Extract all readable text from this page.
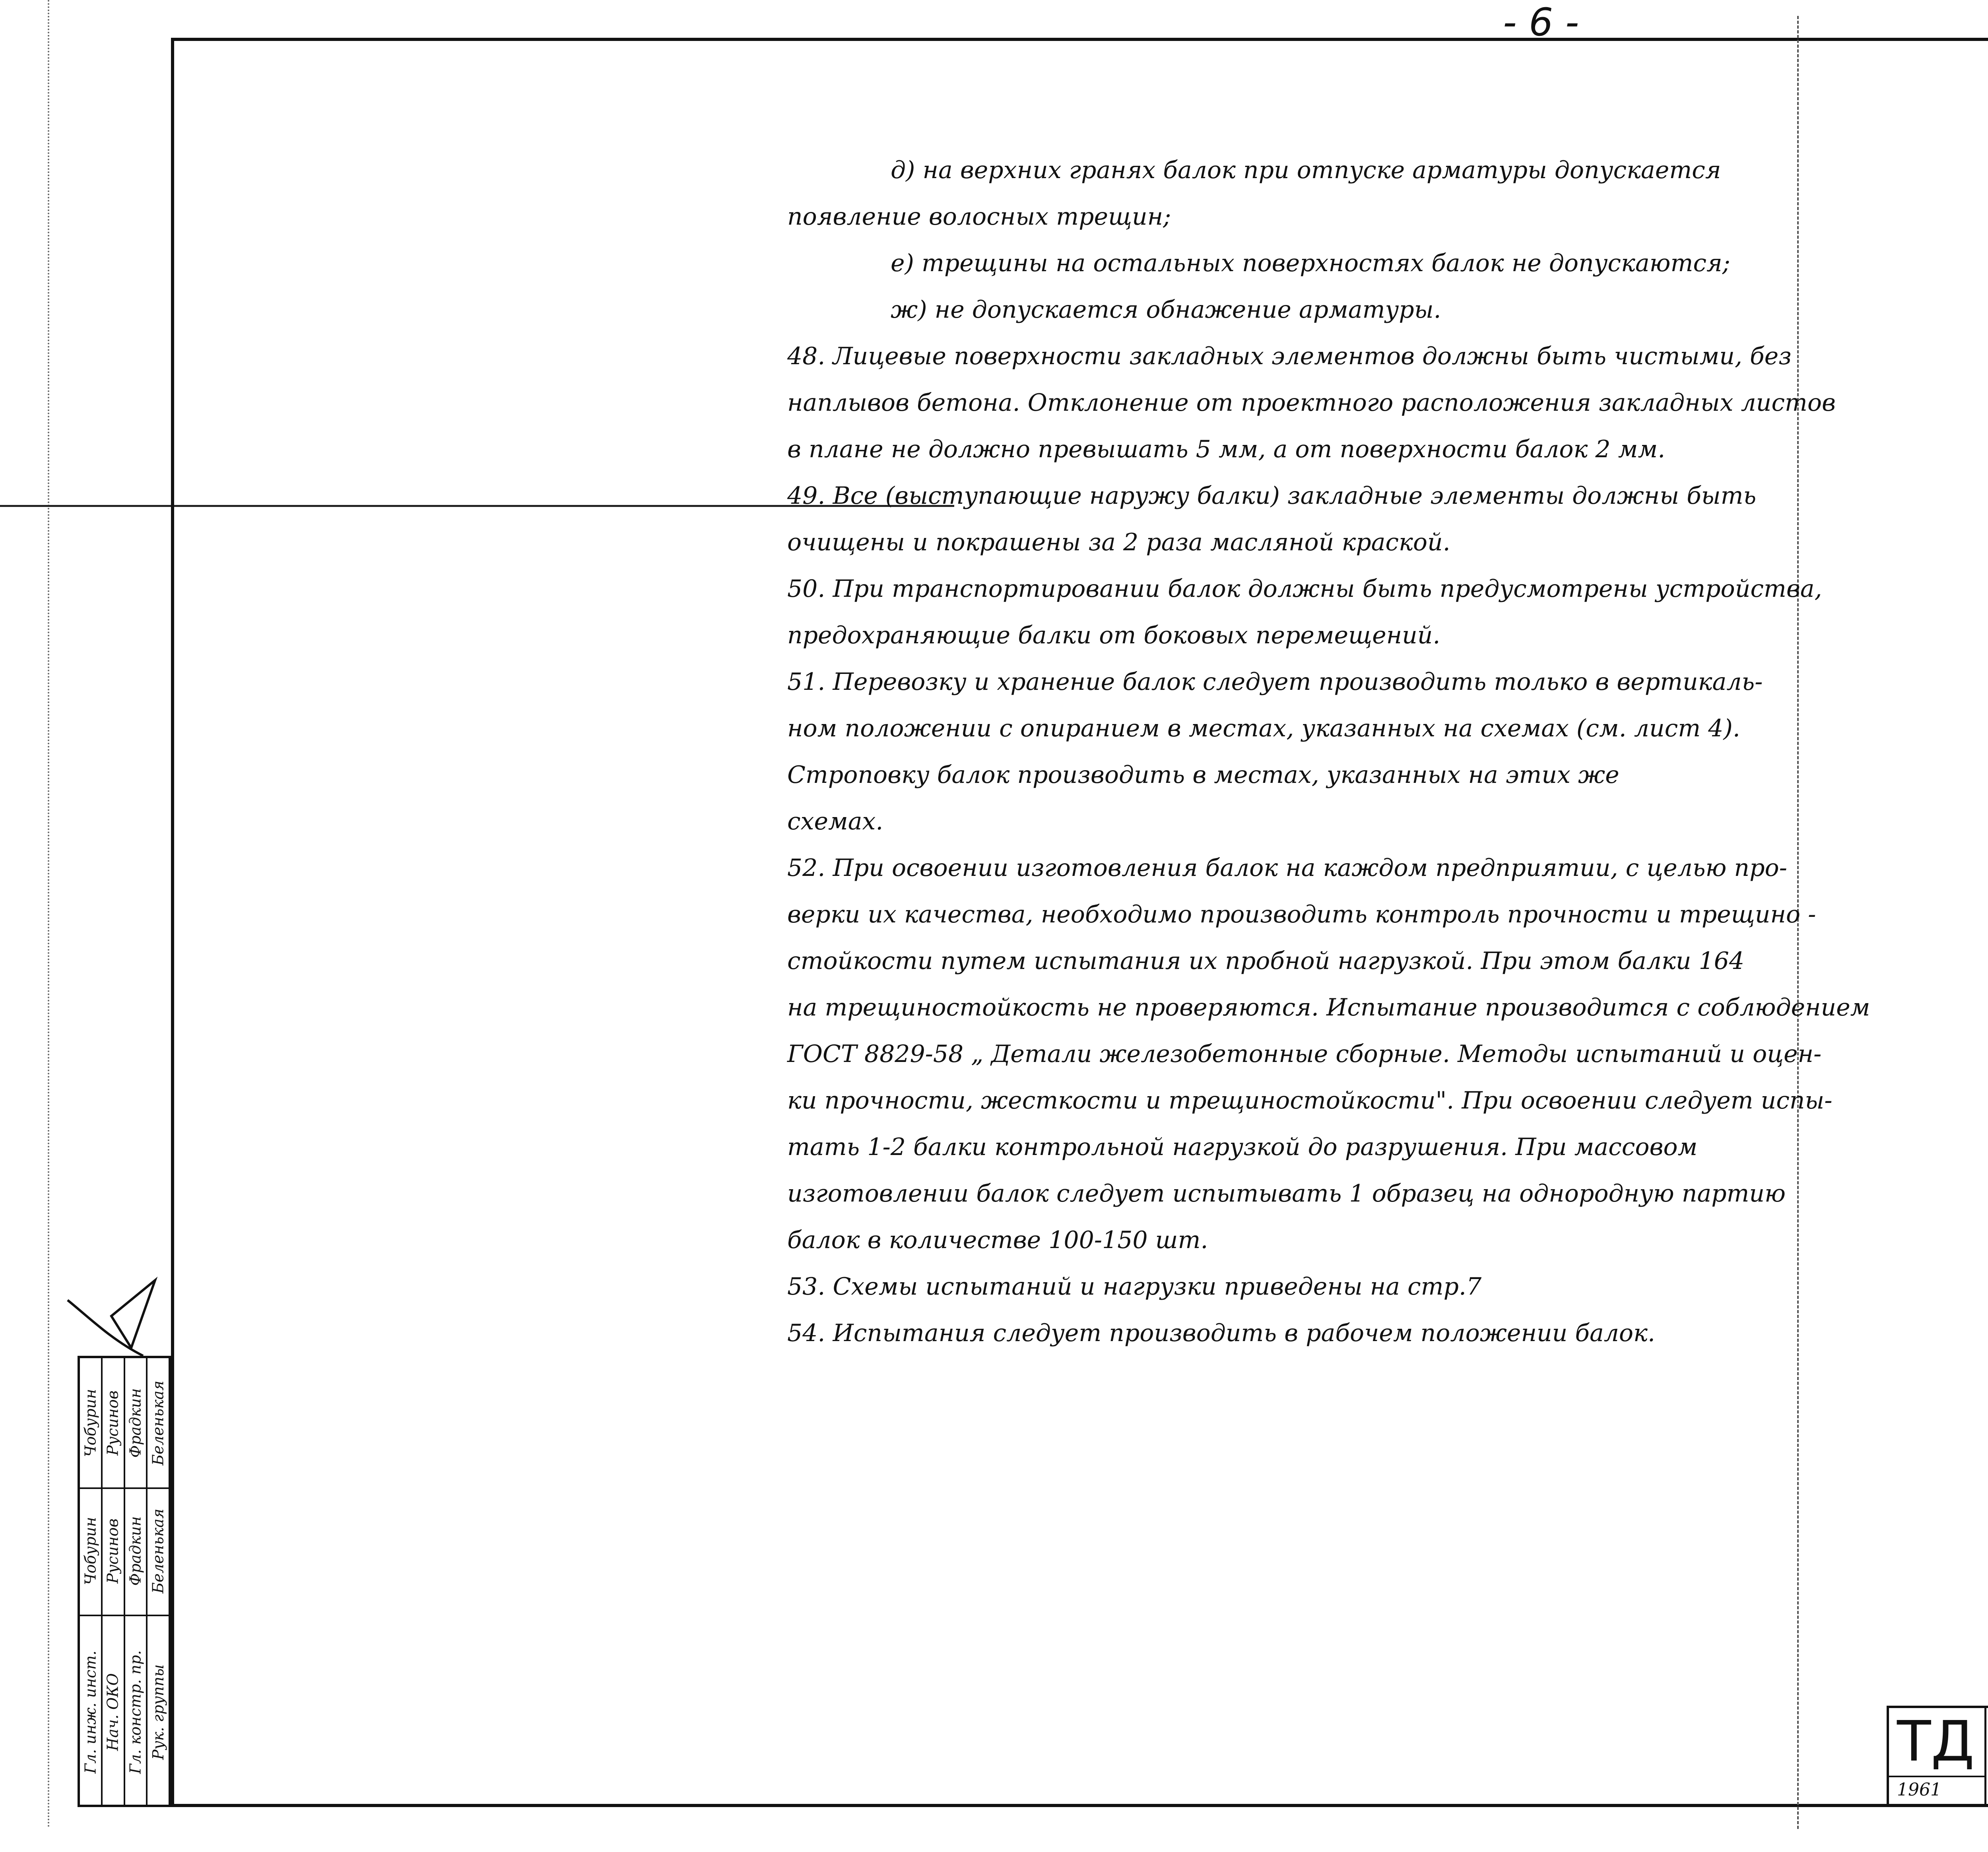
- 6 -
д) на верхних гранях балок при отпуске арматуры допускается
появление волосных трещин;
е) трещины на остальных поверхностях балок не допускаются;
ж) не допускается обнажение арматуры.
48. Лицевые поверхности закладных элементов должны быть чистыми, без
наплывов бетона. Отклонение от проектного расположения закладных листов
в плане не должно превышать 5 мм, а от поверхности балок 2 мм.
49. Все (выступающие наружу балки) закладные элементы должны быть
очищены и покрашены за 2 раза масляной краской.
50. При транспортировании балок должны быть предусмотрены устройства,
предохраняющие балки от боковых перемещений.
51. Перевозку и хранение балок следует производить только в вертикаль-
ном положении с опиранием в местах, указанных на схемах (см. лист 4).
Строповку балок производить в местах, указанных на этих же
схемах.
52. При освоении изготовления балок на каждом предприятии, с целью про-
верки их качества, необходимо производить контроль прочности и трещино -
стойкости путем испытания их пробной нагрузкой. При этом балки 164
на трещиностойкость не проверяются. Испытание производится с соблюдением
ГОСТ 8829-58 „ Детали железобетонные сборные. Методы испытаний и оцен-
ки прочности, жесткости и трещиностойкости". При освоении следует испы-
тать 1-2 балки контрольной нагрузкой до разрушения. При массовом
изготовлении балок следует испытывать 1 образец на однородную партию
балок в количестве 100-150 шт.
53. Схемы испытаний и нагрузки приведены на стр.7
54. Испытания следует производить в рабочем положении балок.
Гл. инж. инст.
Чобурин
Чобурин
Нач. ОКО
Русинов
Русинов
Гл. констр. пр.
Фрадкин
Фрадкин
Рук. группы
Беленькая
Беленькая
ТД
1961
